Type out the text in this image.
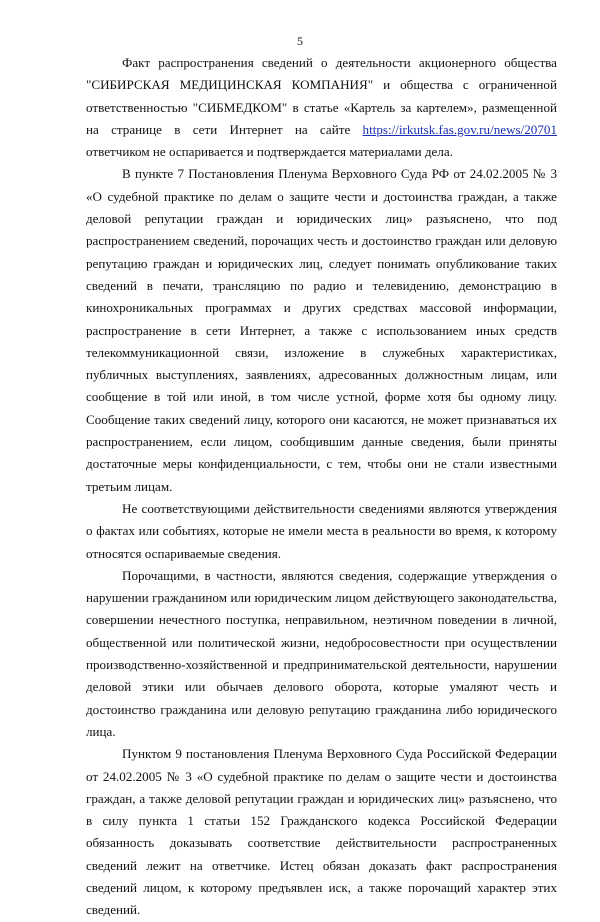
5

Факт распространения сведений о деятельности акционерного общества "СИБИРСКАЯ МЕДИЦИНСКАЯ КОМПАНИЯ" и общества с ограниченной ответственностью "СИБМЕДКОМ" в статье «Картель за картелем», размещенной на странице в сети Интернет на сайте https://irkutsk.fas.gov.ru/news/20701 ответчиком не оспаривается и подтверждается материалами дела.

В пункте 7 Постановления Пленума Верховного Суда РФ от 24.02.2005 № 3 «О судебной практике по делам о защите чести и достоинства граждан, а также деловой репутации граждан и юридических лиц» разъяснено, что под распространением сведений, порочащих честь и достоинство граждан или деловую репутацию граждан и юридических лиц, следует понимать опубликование таких сведений в печати, трансляцию по радио и телевидению, демонстрацию в кинохроникальных программах и других средствах массовой информации, распространение в сети Интернет, а также с использованием иных средств телекоммуникационной связи, изложение в служебных характеристиках, публичных выступлениях, заявлениях, адресованных должностным лицам, или сообщение в той или иной, в том числе устной, форме хотя бы одному лицу. Сообщение таких сведений лицу, которого они касаются, не может признаваться их распространением, если лицом, сообщившим данные сведения, были приняты достаточные меры конфиденциальности, с тем, чтобы они не стали известными третьим лицам.

Не соответствующими действительности сведениями являются утверждения о фактах или событиях, которые не имели места в реальности во время, к которому относятся оспариваемые сведения.

Порочащими, в частности, являются сведения, содержащие утверждения о нарушении гражданином или юридическим лицом действующего законодательства, совершении нечестного поступка, неправильном, неэтичном поведении в личной, общественной или политической жизни, недобросовестности при осуществлении производственно-хозяйственной и предпринимательской деятельности, нарушении деловой этики или обычаев делового оборота, которые умаляют честь и достоинство гражданина или деловую репутацию гражданина либо юридического лица.

Пунктом 9 постановления Пленума Верховного Суда Российской Федерации от 24.02.2005 № 3 «О судебной практике по делам о защите чести и достоинства граждан, а также деловой репутации граждан и юридических лиц» разъяснено, что в силу пункта 1 статьи 152 Гражданского кодекса Российской Федерации обязанность доказывать соответствие действительности распространенных сведений лежит на ответчике. Истец обязан доказать факт распространения сведений лицом, к которому предъявлен иск, а также порочащий характер этих сведений.
